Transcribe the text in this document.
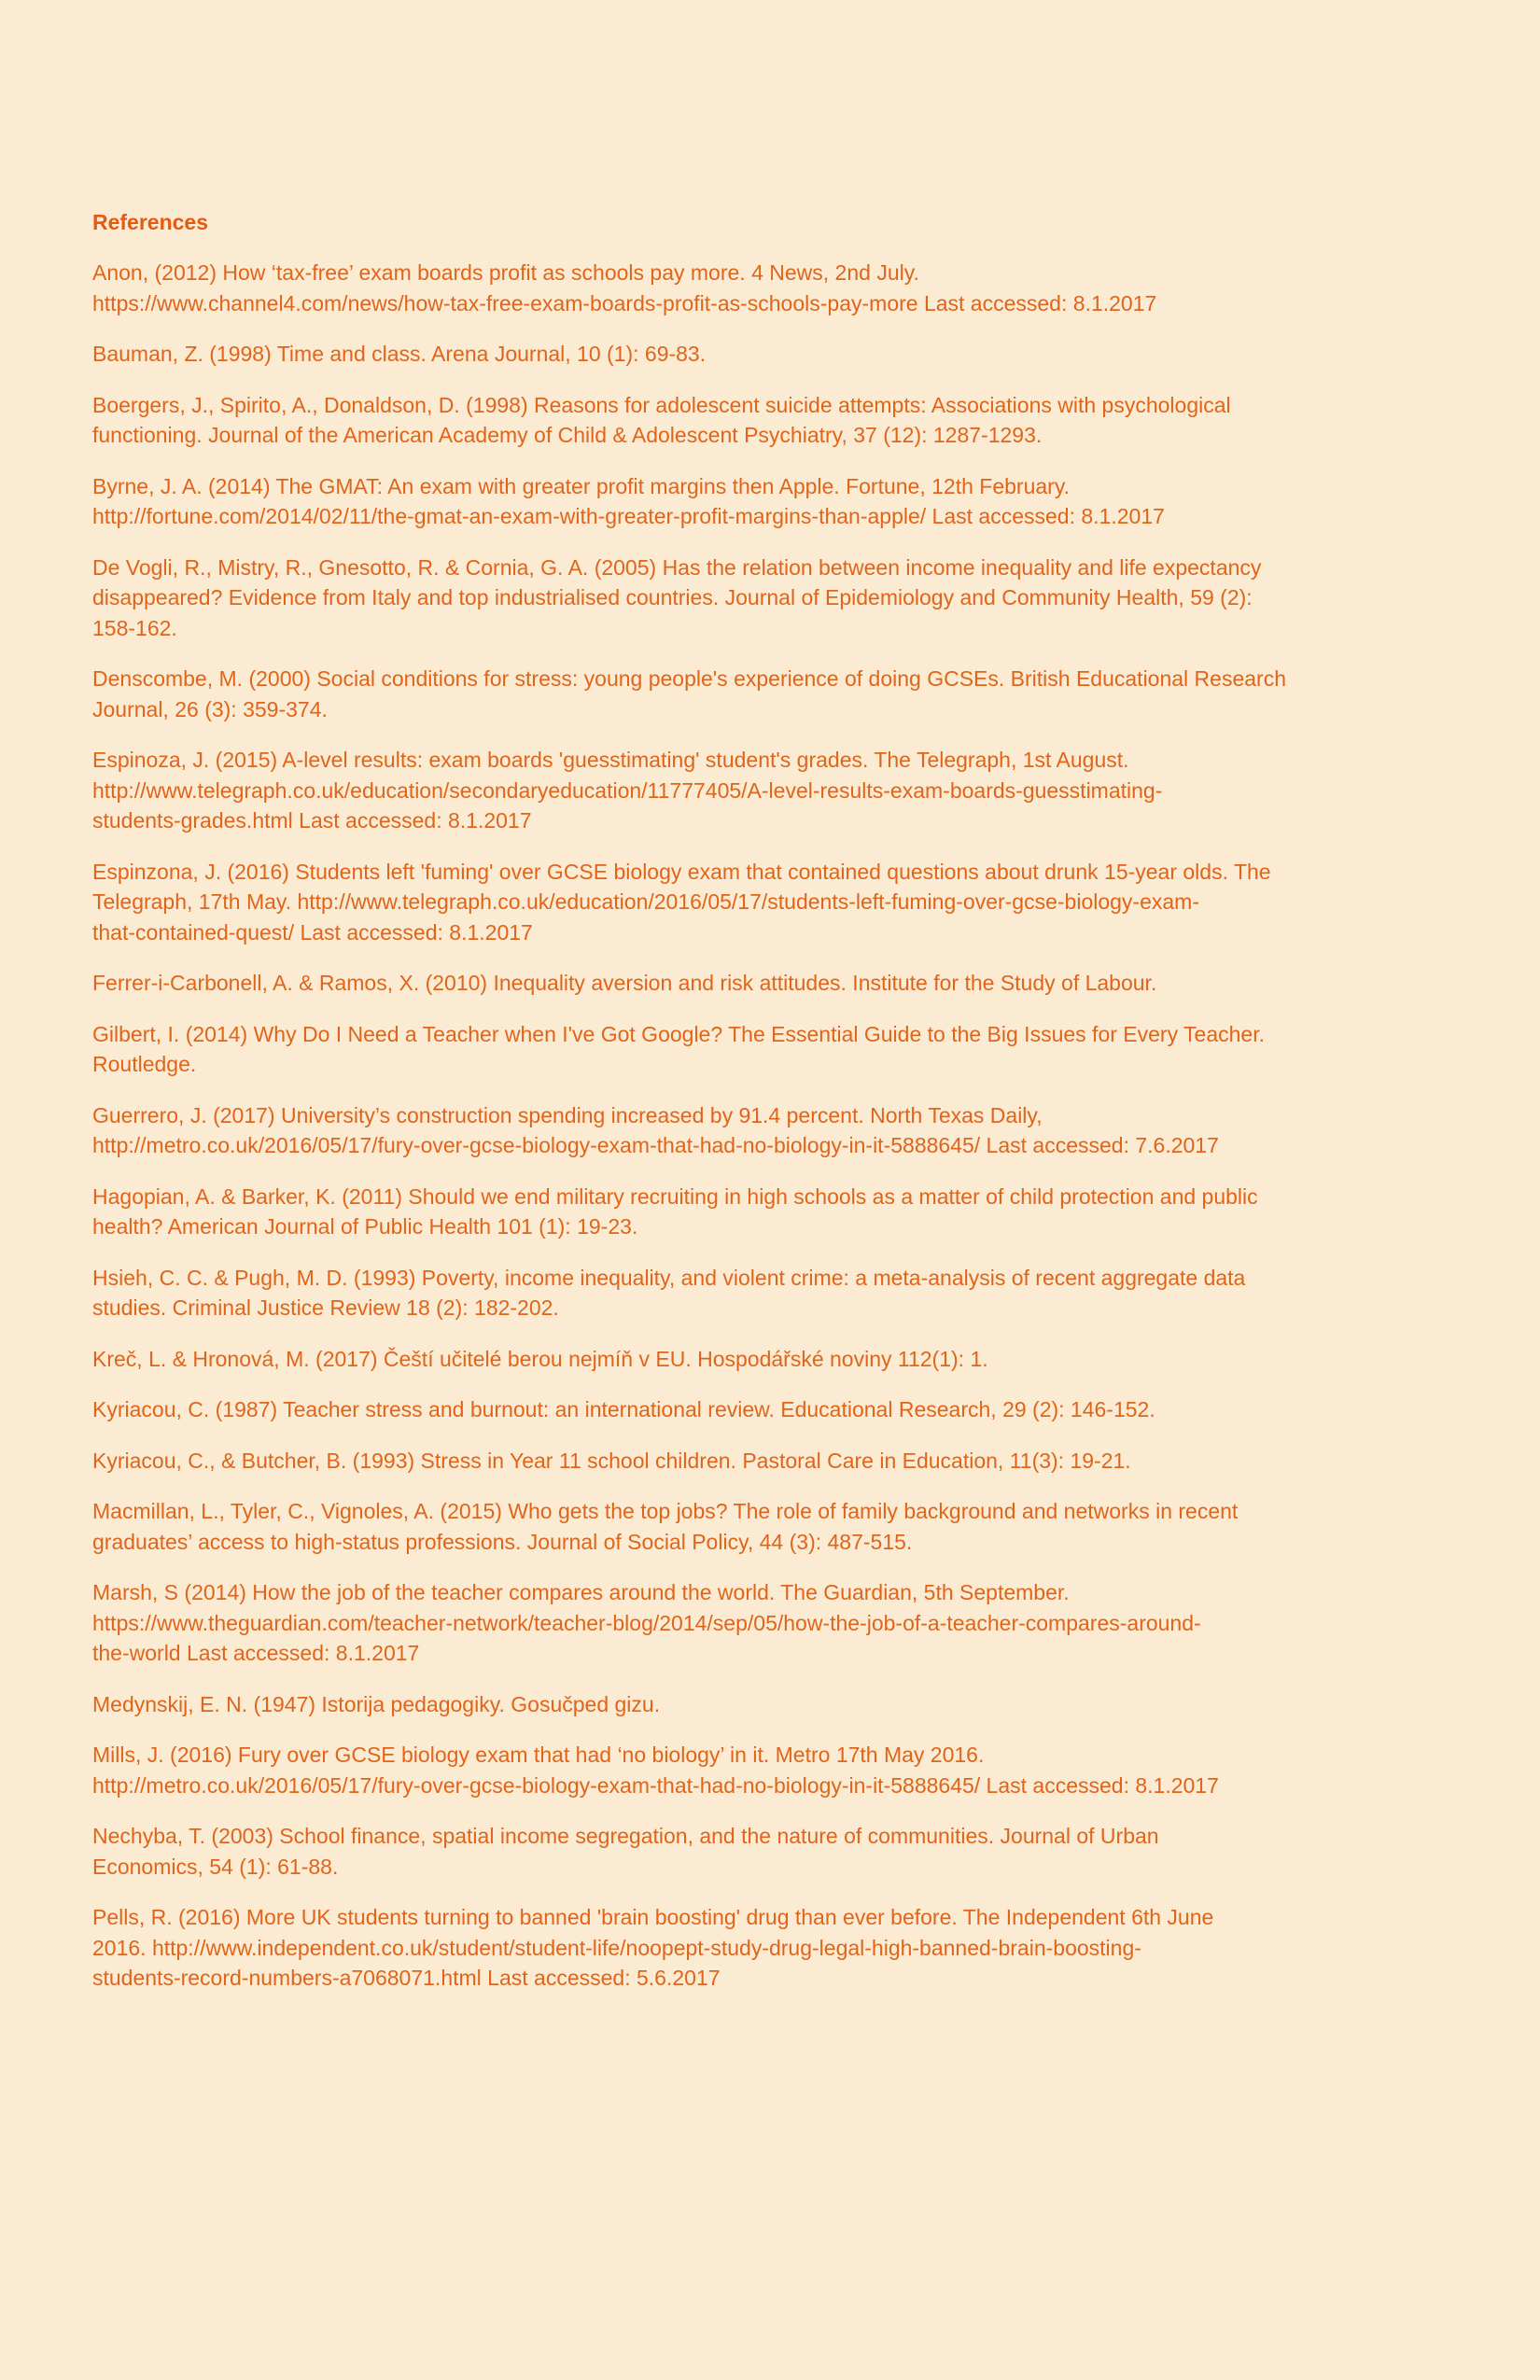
References
Anon, (2012) How ‘tax-free’ exam boards profit as schools pay more. 4 News, 2nd July.
https://www.channel4.com/news/how-tax-free-exam-boards-profit-as-schools-pay-more Last accessed: 8.1.2017
Bauman, Z. (1998) Time and class. Arena Journal, 10 (1): 69-83.
Boergers, J., Spirito, A., Donaldson, D. (1998) Reasons for adolescent suicide attempts: Associations with psychological
functioning. Journal of the American Academy of Child & Adolescent Psychiatry, 37 (12): 1287-1293.
Byrne, J. A. (2014) The GMAT: An exam with greater profit margins then Apple. Fortune, 12th February.
http://fortune.com/2014/02/11/the-gmat-an-exam-with-greater-profit-margins-than-apple/ Last accessed: 8.1.2017
De Vogli, R., Mistry, R., Gnesotto, R. & Cornia, G. A. (2005) Has the relation between income inequality and life expectancy
disappeared? Evidence from Italy and top industrialised countries. Journal of Epidemiology and Community Health, 59 (2):
158-162.
Denscombe, M. (2000) Social conditions for stress: young people's experience of doing GCSEs. British Educational Research
Journal, 26 (3): 359-374.
Espinoza, J. (2015) A-level results: exam boards 'guesstimating' student's grades. The Telegraph, 1st August.
http://www.telegraph.co.uk/education/secondaryeducation/11777405/A-level-results-exam-boards-guesstimating-
students-grades.html Last accessed: 8.1.2017
Espinzona, J. (2016) Students left 'fuming' over GCSE biology exam that contained questions about drunk 15-year olds. The
Telegraph, 17th May. http://www.telegraph.co.uk/education/2016/05/17/students-left-fuming-over-gcse-biology-exam-
that-contained-quest/ Last accessed: 8.1.2017
Ferrer-i-Carbonell, A. & Ramos, X. (2010) Inequality aversion and risk attitudes. Institute for the Study of Labour.
Gilbert, I. (2014) Why Do I Need a Teacher when I've Got Google? The Essential Guide to the Big Issues for Every Teacher.
Routledge.
Guerrero, J. (2017) University’s construction spending increased by 91.4 percent. North Texas Daily,
http://metro.co.uk/2016/05/17/fury-over-gcse-biology-exam-that-had-no-biology-in-it-5888645/ Last accessed: 7.6.2017
Hagopian, A. & Barker, K. (2011) Should we end military recruiting in high schools as a matter of child protection and public
health? American Journal of Public Health 101 (1): 19-23.
Hsieh, C. C. & Pugh, M. D. (1993) Poverty, income inequality, and violent crime: a meta-analysis of recent aggregate data
studies. Criminal Justice Review 18 (2): 182-202.
Kreč, L. & Hronová, M. (2017) Čeští učitelé berou nejmíň v EU. Hospodářské noviny 112(1): 1.
Kyriacou, C. (1987) Teacher stress and burnout: an international review. Educational Research, 29 (2): 146-152.
Kyriacou, C., & Butcher, B. (1993) Stress in Year 11 school children. Pastoral Care in Education, 11(3): 19-21.
Macmillan, L., Tyler, C., Vignoles, A. (2015) Who gets the top jobs? The role of family background and networks in recent
graduates’ access to high-status professions. Journal of Social Policy, 44 (3): 487-515.
Marsh, S (2014) How the job of the teacher compares around the world. The Guardian, 5th September.
https://www.theguardian.com/teacher-network/teacher-blog/2014/sep/05/how-the-job-of-a-teacher-compares-around-
the-world Last accessed: 8.1.2017
Medynskij, E. N. (1947) Istorija pedagogiky. Gosučped gizu.
Mills, J. (2016) Fury over GCSE biology exam that had ‘no biology’ in it. Metro 17th May 2016.
http://metro.co.uk/2016/05/17/fury-over-gcse-biology-exam-that-had-no-biology-in-it-5888645/ Last accessed: 8.1.2017
Nechyba, T. (2003) School finance, spatial income segregation, and the nature of communities. Journal of Urban
Economics, 54 (1): 61-88.
Pells, R. (2016) More UK students turning to banned 'brain boosting' drug than ever before. The Independent 6th June
2016. http://www.independent.co.uk/student/student-life/noopept-study-drug-legal-high-banned-brain-boosting-
students-record-numbers-a7068071.html Last accessed: 5.6.2017
